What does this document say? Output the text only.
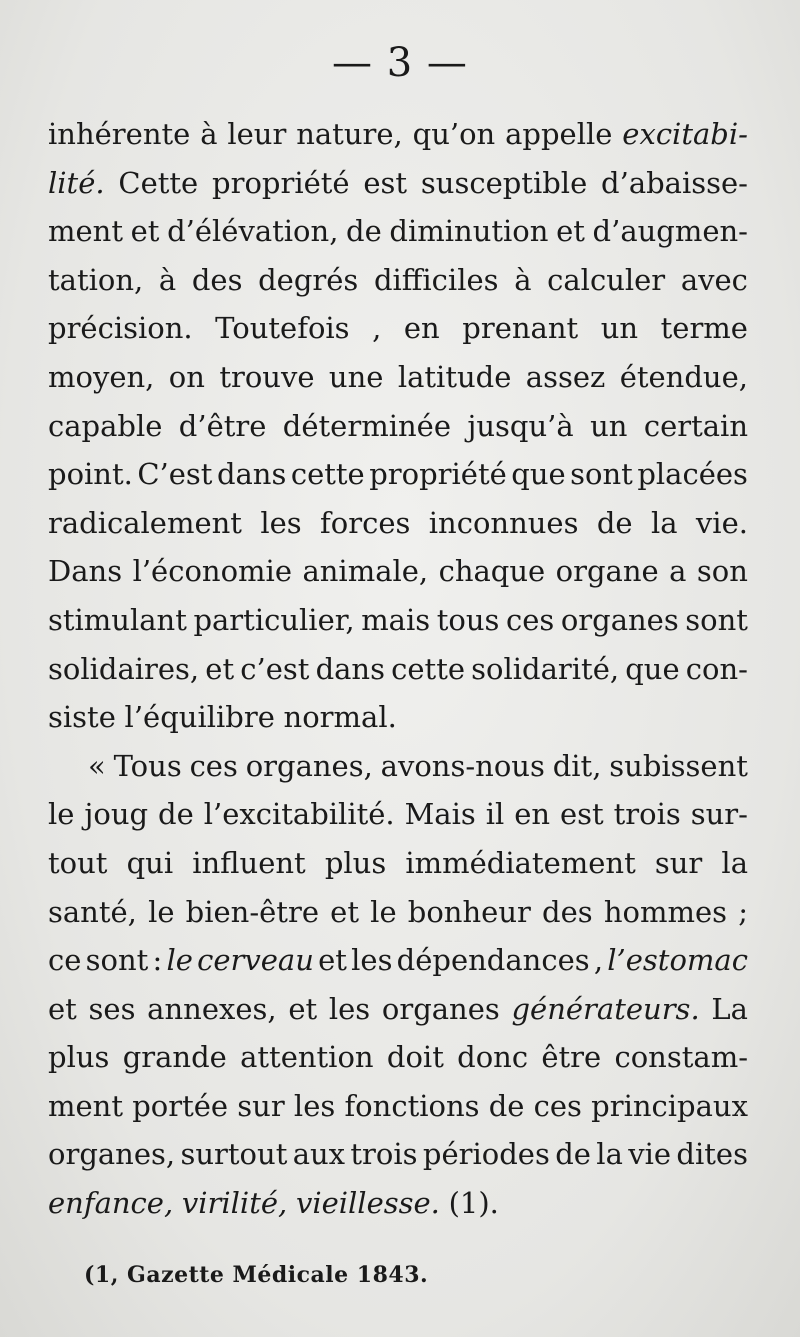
— 3 —
inhérente à leur nature, qu’on appelle excitabi-
lité. Cette propriété est susceptible d’abaisse-
ment et d’élévation, de diminution et d’augmen-
tation, à des degrés difficiles à calculer avec
précision. Toutefois , en prenant un terme
moyen, on trouve une latitude assez étendue,
capable d’être déterminée jusqu’à un certain
point. C’est dans cette propriété que sont placées
radicalement les forces inconnues de la vie.
Dans l’économie animale, chaque organe a son
stimulant particulier, mais tous ces organes sont
solidaires, et c’est dans cette solidarité, que con-
siste l’équilibre normal.
« Tous ces organes, avons-nous dit, subissent
le joug de l’excitabilité. Mais il en est trois sur-
tout qui influent plus immédiatement sur la
santé, le bien-être et le bonheur des hommes ;
ce sont : le cerveau et les dépendances , l’estomac
et ses annexes, et les organes générateurs. La
plus grande attention doit donc être constam-
ment portée sur les fonctions de ces principaux
organes, surtout aux trois périodes de la vie dites
enfance, virilité, vieillesse. (1).
(1, Gazette Médicale 1843.
